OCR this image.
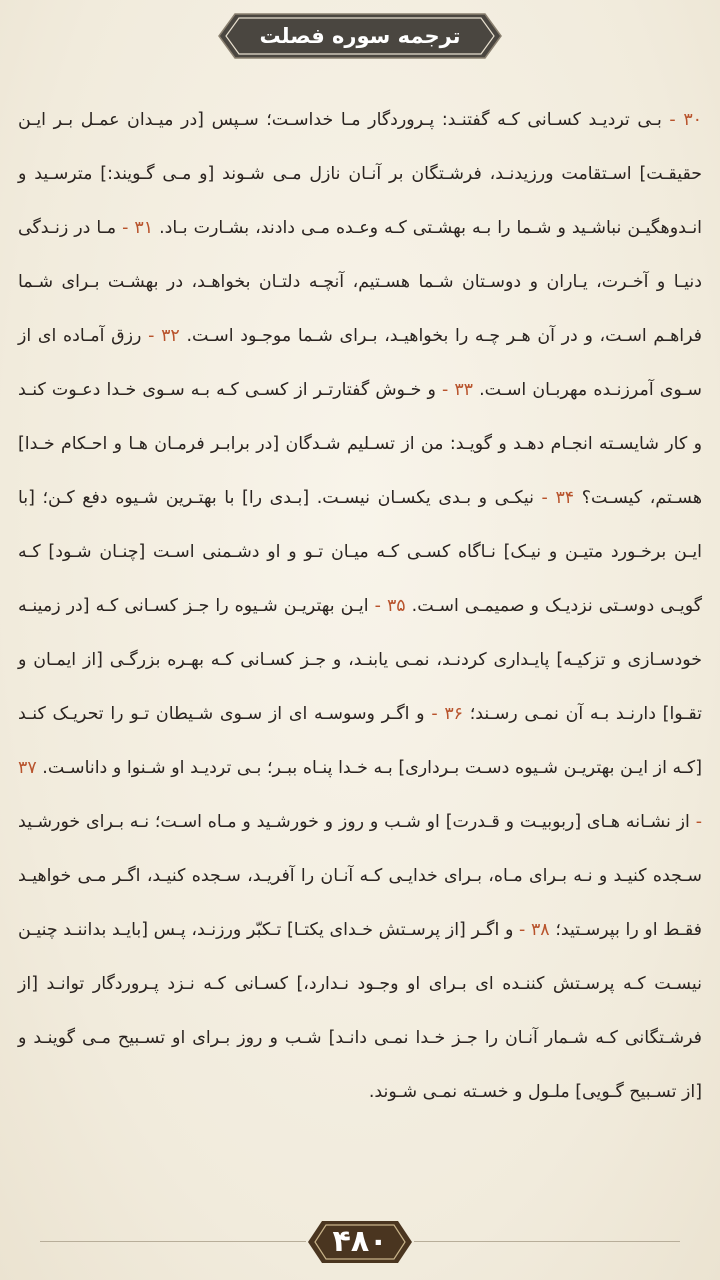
ترجمه سوره فصلت
۳۰ - بـی تردیـد کسـانی کـه گفتنـد: پـروردگار مـا خداسـت؛ سـپس [در میـدان عمـل بـر ایـن حقیقـت] اسـتقامت ورزیدنـد، فرشـتگان بر آنـان نازل مـی شـوند [و مـی گـویند:] مترسـید و انـدوهگیـن نباشـید و شـما را بـه بهشـتی کـه وعـده مـی دادند، بشـارت بـاد. ۳۱ - مـا در زنـدگی دنیـا و آخـرت، یـاران و دوسـتان شـما هسـتیم، آنچـه دلتـان بخواهـد، در بهشـت بـرای شـما فراهـم اسـت، و در آن هـر چـه را بخواهیـد، بـرای شـما موجـود اسـت. ۳۲ - رزق آمـاده ای از سـوی آمرزنـده مهربـان اسـت. ۳۳ - و خـوش گفتارتـر از کسـی کـه بـه سـوی خـدا دعـوت کنـد و کار شایسـته انجـام دهـد و گویـد: من از تسـلیم شـدگان [در برابـر فرمـان هـا و احـکام خـدا] هسـتم، کیسـت؟ ۳۴ - نیکـی و بـدی یکسـان نیسـت. [بـدی را] با بهتـرین شـیوه دفع کـن؛ [با ایـن برخـورد متیـن و نیـک] نـاگاه کسـی کـه میـان تـو و او دشـمنی اسـت [چنـان شـود] کـه گویـی دوسـتی نزدیـک و صمیمـی اسـت. ۳۵ - ایـن بهتریـن شـیوه را جـز کسـانی کـه [در زمینـه خودسـازی و تزکیـه] پایـداری کردنـد، نمـی یابنـد، و جـز کسـانی کـه بهـره بزرگـی [از ایمـان و تقـوا] دارنـد بـه آن نمـی رسـند؛ ۳۶ - و اگـر وسوسـه ای از سـوی شـیطان تـو را تحریـک کنـد [کـه از ایـن بهتریـن شـیوه دسـت بـرداری] بـه خـدا پنـاه ببـر؛ بـی تردیـد او شـنوا و داناسـت. ۳۷ - از نشـانه هـای [ربوبیـت و قـدرت] او شـب و روز و خورشـید و مـاه اسـت؛ نـه بـرای خورشـید سـجده کنیـد و نـه بـرای مـاه، بـرای خدایـی کـه آنـان را آفریـد، سـجده کنیـد، اگـر مـی خواهیـد فقـط او را بپرسـتید؛ ۳۸ - و اگـر [از پرسـتش خـدای یکتـا] تـکبّر ورزنـد، پـس [بایـد بداننـد چنیـن نیسـت کـه پرسـتش کننـده ای بـرای او وجـود نـدارد،] کسـانی کـه نـزد پـروردگار توانـد [از فرشـتگانی کـه شـمار آنـان را جـز خـدا نمـی دانـد] شـب و روز بـرای او تسـبیح مـی گوینـد و [از تسـبیح گـویی] ملـول و خسـته نمـی شـوند.
۴۸۰
